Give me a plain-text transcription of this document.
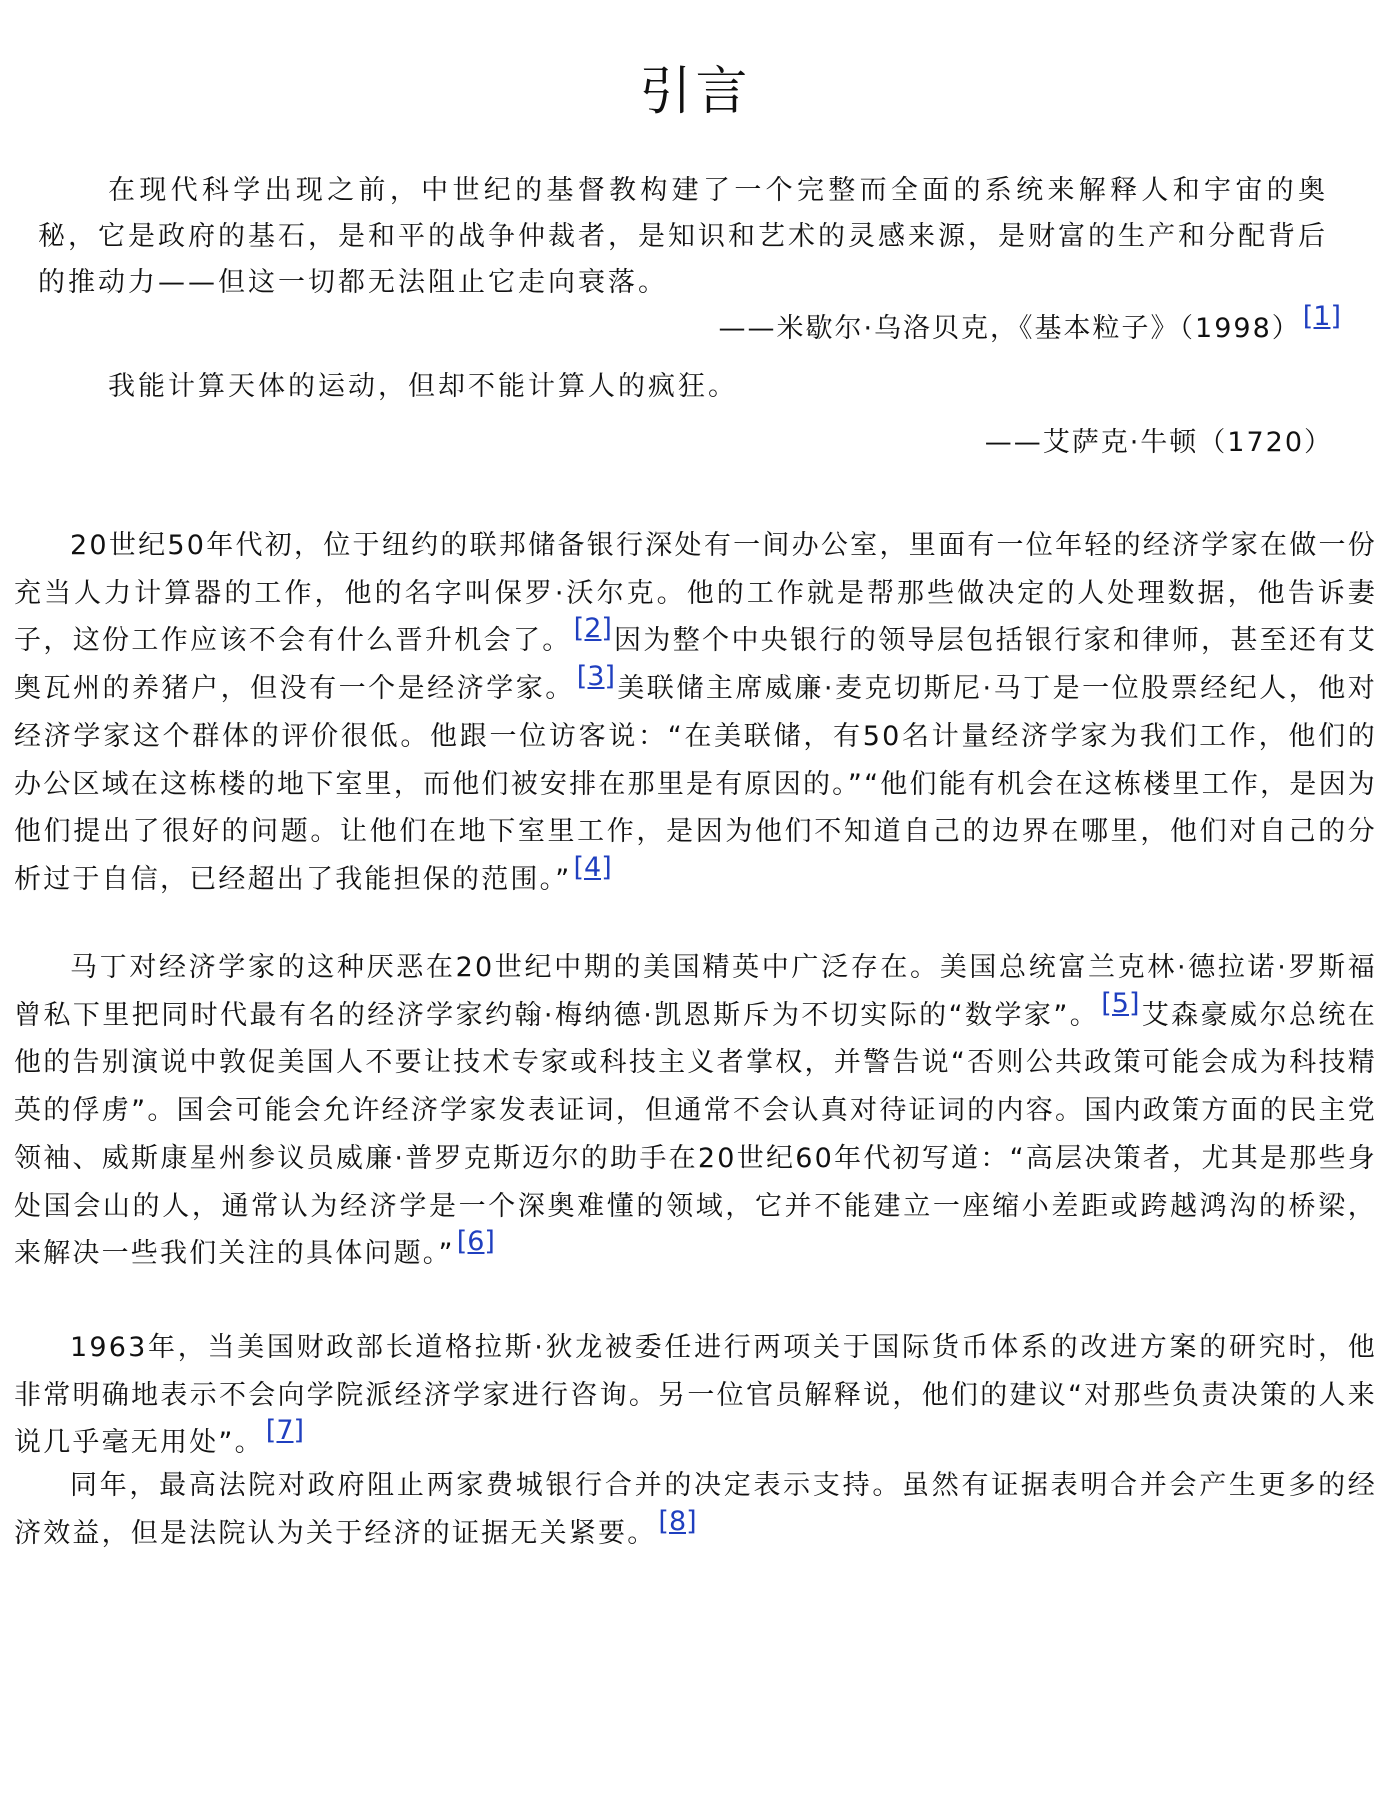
引言

在现代科学出现之前，中世纪的基督教构建了一个完整而全面的系统来解释人和宇宙的奥秘，它是政府的基石，是和平的战争仲裁者，是知识和艺术的灵感来源，是财富的生产和分配背后的推动力——但这一切都无法阻止它走向衰落。

——米歇尔·乌洛贝克，《基本粒子》（1998）[1]

我能计算天体的运动，但却不能计算人的疯狂。

——艾萨克·牛顿（1720）

20世纪50年代初，位于纽约的联邦储备银行深处有一间办公室，里面有一位年轻的经济学家在做一份充当人力计算器的工作，他的名字叫保罗·沃尔克。他的工作就是帮那些做决定的人处理数据，他告诉妻子，这份工作应该不会有什么晋升机会了。[2]因为整个中央银行的领导层包括银行家和律师，甚至还有艾奥瓦州的养猪户，但没有一个是经济学家。[3]美联储主席威廉·麦克切斯尼·马丁是一位股票经纪人，他对经济学家这个群体的评价很低。他跟一位访客说：“在美联储，有50名计量经济学家为我们工作，他们的办公区域在这栋楼的地下室里，而他们被安排在那里是有原因的。”“他们能有机会在这栋楼里工作，是因为他们提出了很好的问题。让他们在地下室里工作，是因为他们不知道自己的边界在哪里，他们对自己的分析过于自信，已经超出了我能担保的范围。”[4]

马丁对经济学家的这种厌恶在20世纪中期的美国精英中广泛存在。美国总统富兰克林·德拉诺·罗斯福曾私下里把同时代最有名的经济学家约翰·梅纳德·凯恩斯斥为不切实际的“数学家”。[5]艾森豪威尔总统在他的告别演说中敦促美国人不要让技术专家或科技主义者掌权，并警告说“否则公共政策可能会成为科技精英的俘虏”。国会可能会允许经济学家发表证词，但通常不会认真对待证词的内容。国内政策方面的民主党领袖、威斯康星州参议员威廉·普罗克斯迈尔的助手在20世纪60年代初写道：“高层决策者，尤其是那些身处国会山的人，通常认为经济学是一个深奥难懂的领域，它并不能建立一座缩小差距或跨越鸿沟的桥梁，来解决一些我们关注的具体问题。”[6]

1963年，当美国财政部长道格拉斯·狄龙被委任进行两项关于国际货币体系的改进方案的研究时，他非常明确地表示不会向学院派经济学家进行咨询。另一位官员解释说，他们的建议“对那些负责决策的人来说几乎毫无用处”。[7]

同年，最高法院对政府阻止两家费城银行合并的决定表示支持。虽然有证据表明合并会产生更多的经济效益，但是法院认为关于经济的证据无关紧要。[8]
